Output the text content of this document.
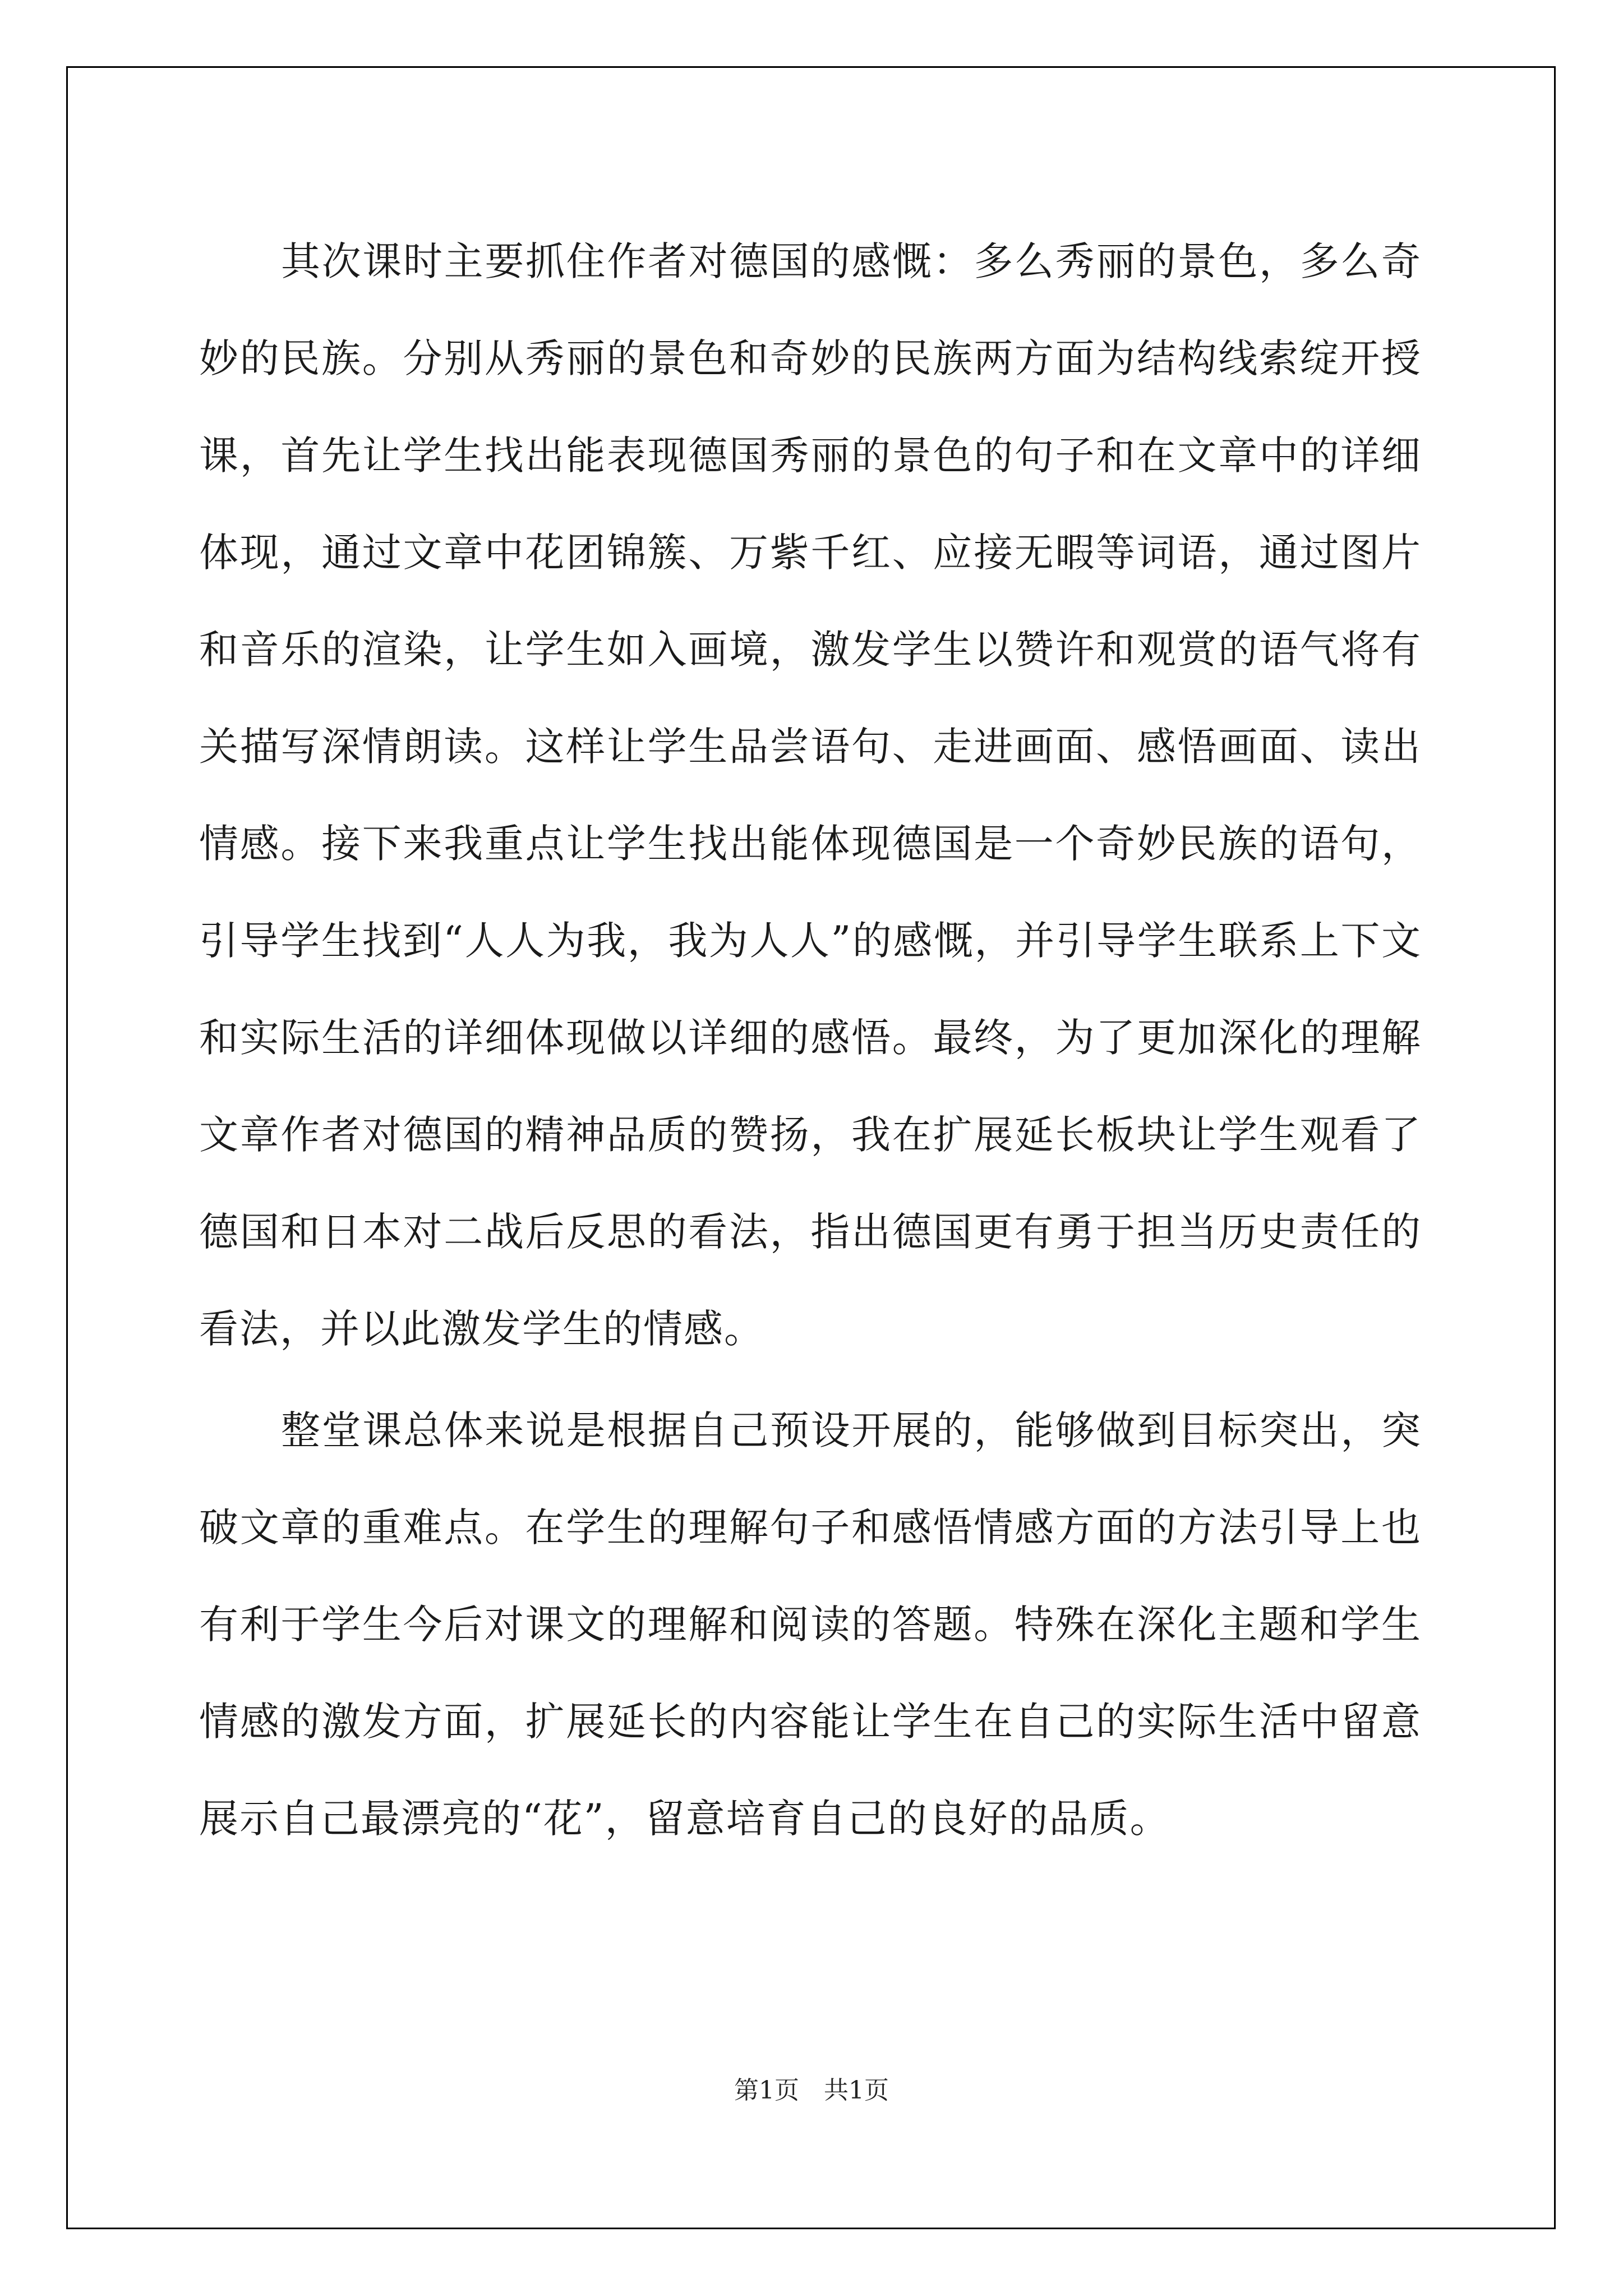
其次课时主要抓住作者对德国的感慨：多么秀丽的景色，多么奇妙的民族。分别从秀丽的景色和奇妙的民族两方面为结构线索绽开授课，首先让学生找出能表现德国秀丽的景色的句子和在文章中的详细体现，通过文章中花团锦簇、万紫千红、应接无暇等词语，通过图片和音乐的渲染，让学生如入画境，激发学生以赞许和观赏的语气将有关描写深情朗读。这样让学生品尝语句、走进画面、感悟画面、读出情感。接下来我重点让学生找出能体现德国是一个奇妙民族的语句，引导学生找到“人人为我，我为人人”的感慨，并引导学生联系上下文和实际生活的详细体现做以详细的感悟。最终，为了更加深化的理解文章作者对德国的精神品质的赞扬，我在扩展延长板块让学生观看了德国和日本对二战后反思的看法，指出德国更有勇于担当历史责任的看法，并以此激发学生的情感。

整堂课总体来说是根据自己预设开展的，能够做到目标突出，突破文章的重难点。在学生的理解句子和感悟情感方面的方法引导上也有利于学生今后对课文的理解和阅读的答题。特殊在深化主题和学生情感的激发方面，扩展延长的内容能让学生在自己的实际生活中留意展示自己最漂亮的“花”，留意培育自己的良好的品质。

第1页　共1页
